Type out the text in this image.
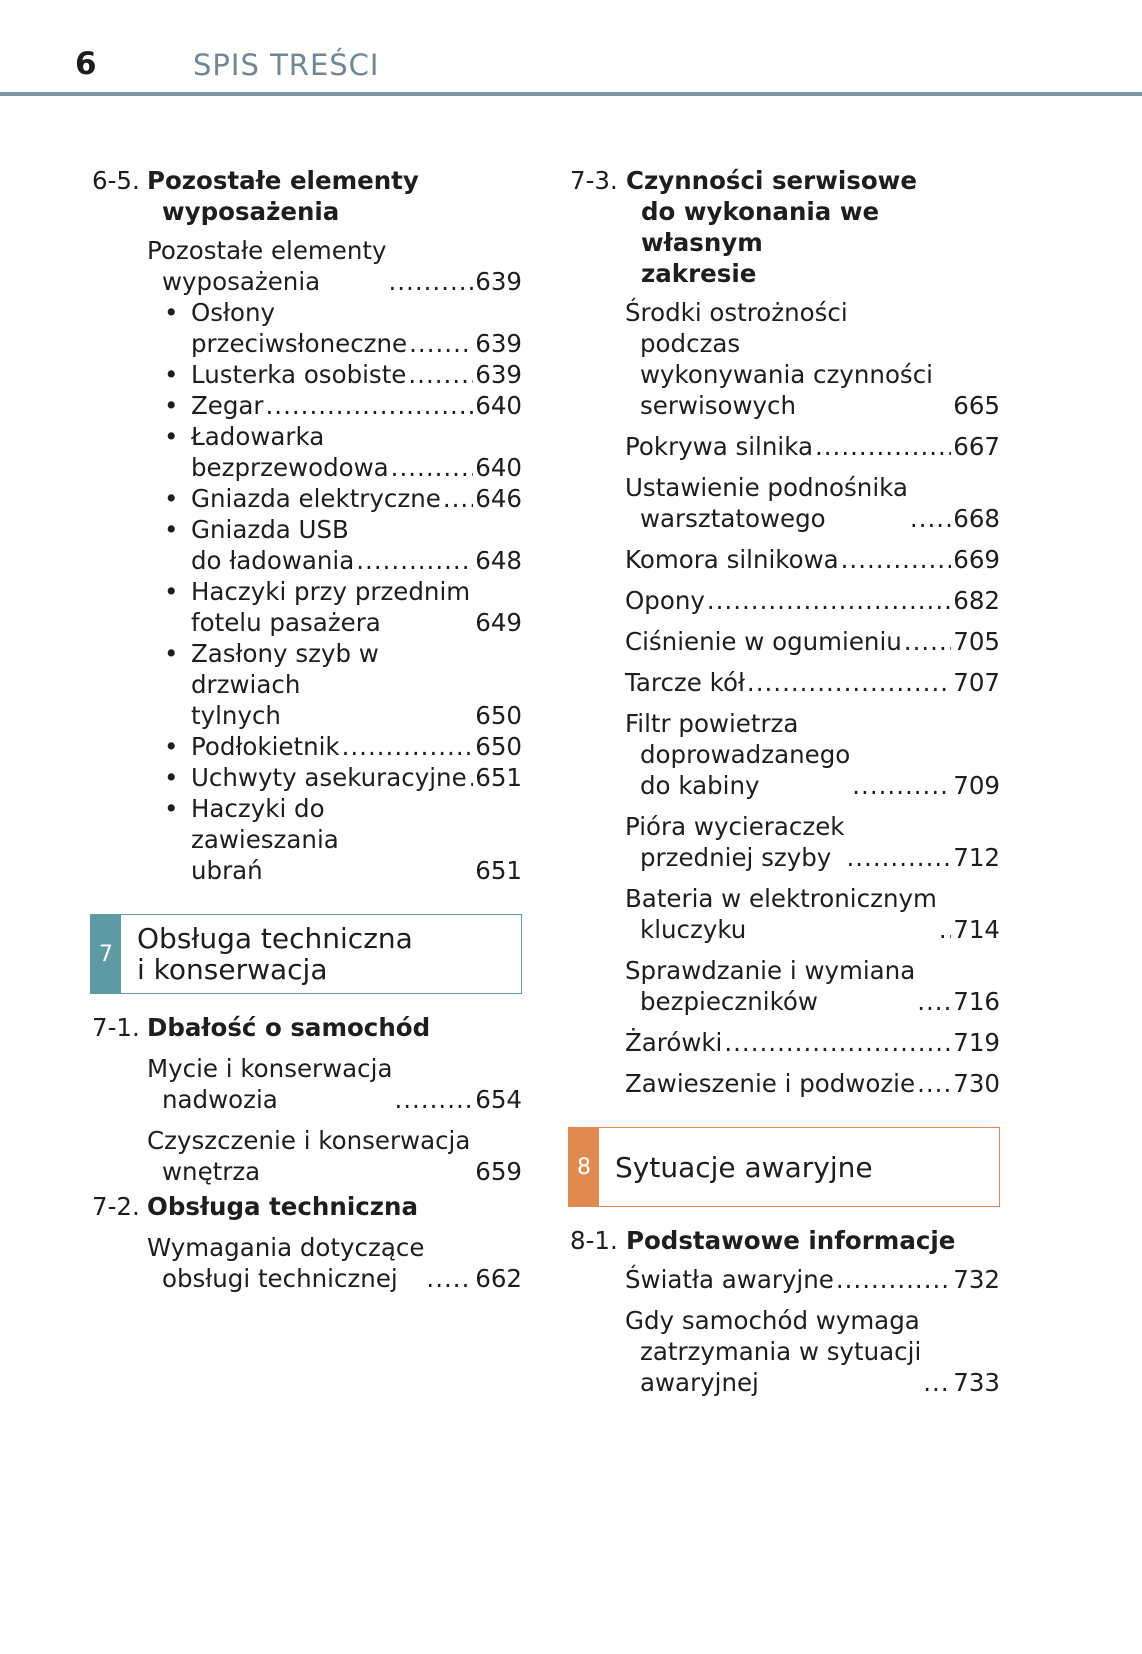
6	SPIS TREŚCI
6-5. Pozostałe elementy
wyposażenia
Pozostałe elementy
wyposażenia .....	639
• Osłony
przeciwsłoneczne .....	639
• Lusterka osobiste .....	639
• Zegar .....	640
• Ładowarka
bezprzewodowa .....	640
• Gniazda elektryczne ..... 646
• Gniazda USB
do ładowania .....	648
• Haczyki przy przednim
fotelu pasażera .....	649
• Zasłony szyb w drzwiach
tylnych	650
• Podłokietnik .....	650
• Uchwyty asekuracyjne ..... 651
• Haczyki do zawieszania
ubrań	651
7 Obsługa techniczna
i konserwacja
7-1. Dbałość o samochód
Mycie i konserwacja
nadwozia .....	654
Czyszczenie i konserwacja
wnętrza .....	659
7-2. Obsługa techniczna
Wymagania dotyczące
obsługi technicznej .....	662
7-3. Czynności serwisowe
do wykonania we własnym
zakresie
Środki ostrożności podczas
wykonywania czynności
serwisowych	665
Pokrywa silnika .....	667
Ustawienie podnośnika
warsztatowego .....	668
Komora silnikowa .....	669
Opony .....	682
Ciśnienie w ogumieniu ..... 705
Tarcze kół .....	707
Filtr powietrza
doprowadzanego
do kabiny .....	709
Pióra wycieraczek
przedniej szyby .....	712
Bateria w elektronicznym
kluczyku .....	714
Sprawdzanie i wymiana
bezpieczników .....	716
Żarówki .....	719
Zawieszenie i podwozie ..... 730
8 Sytuacje awaryjne
8-1. Podstawowe informacje
Światła awaryjne .....	732
Gdy samochód wymaga
zatrzymania w sytuacji
awaryjnej .....	733
